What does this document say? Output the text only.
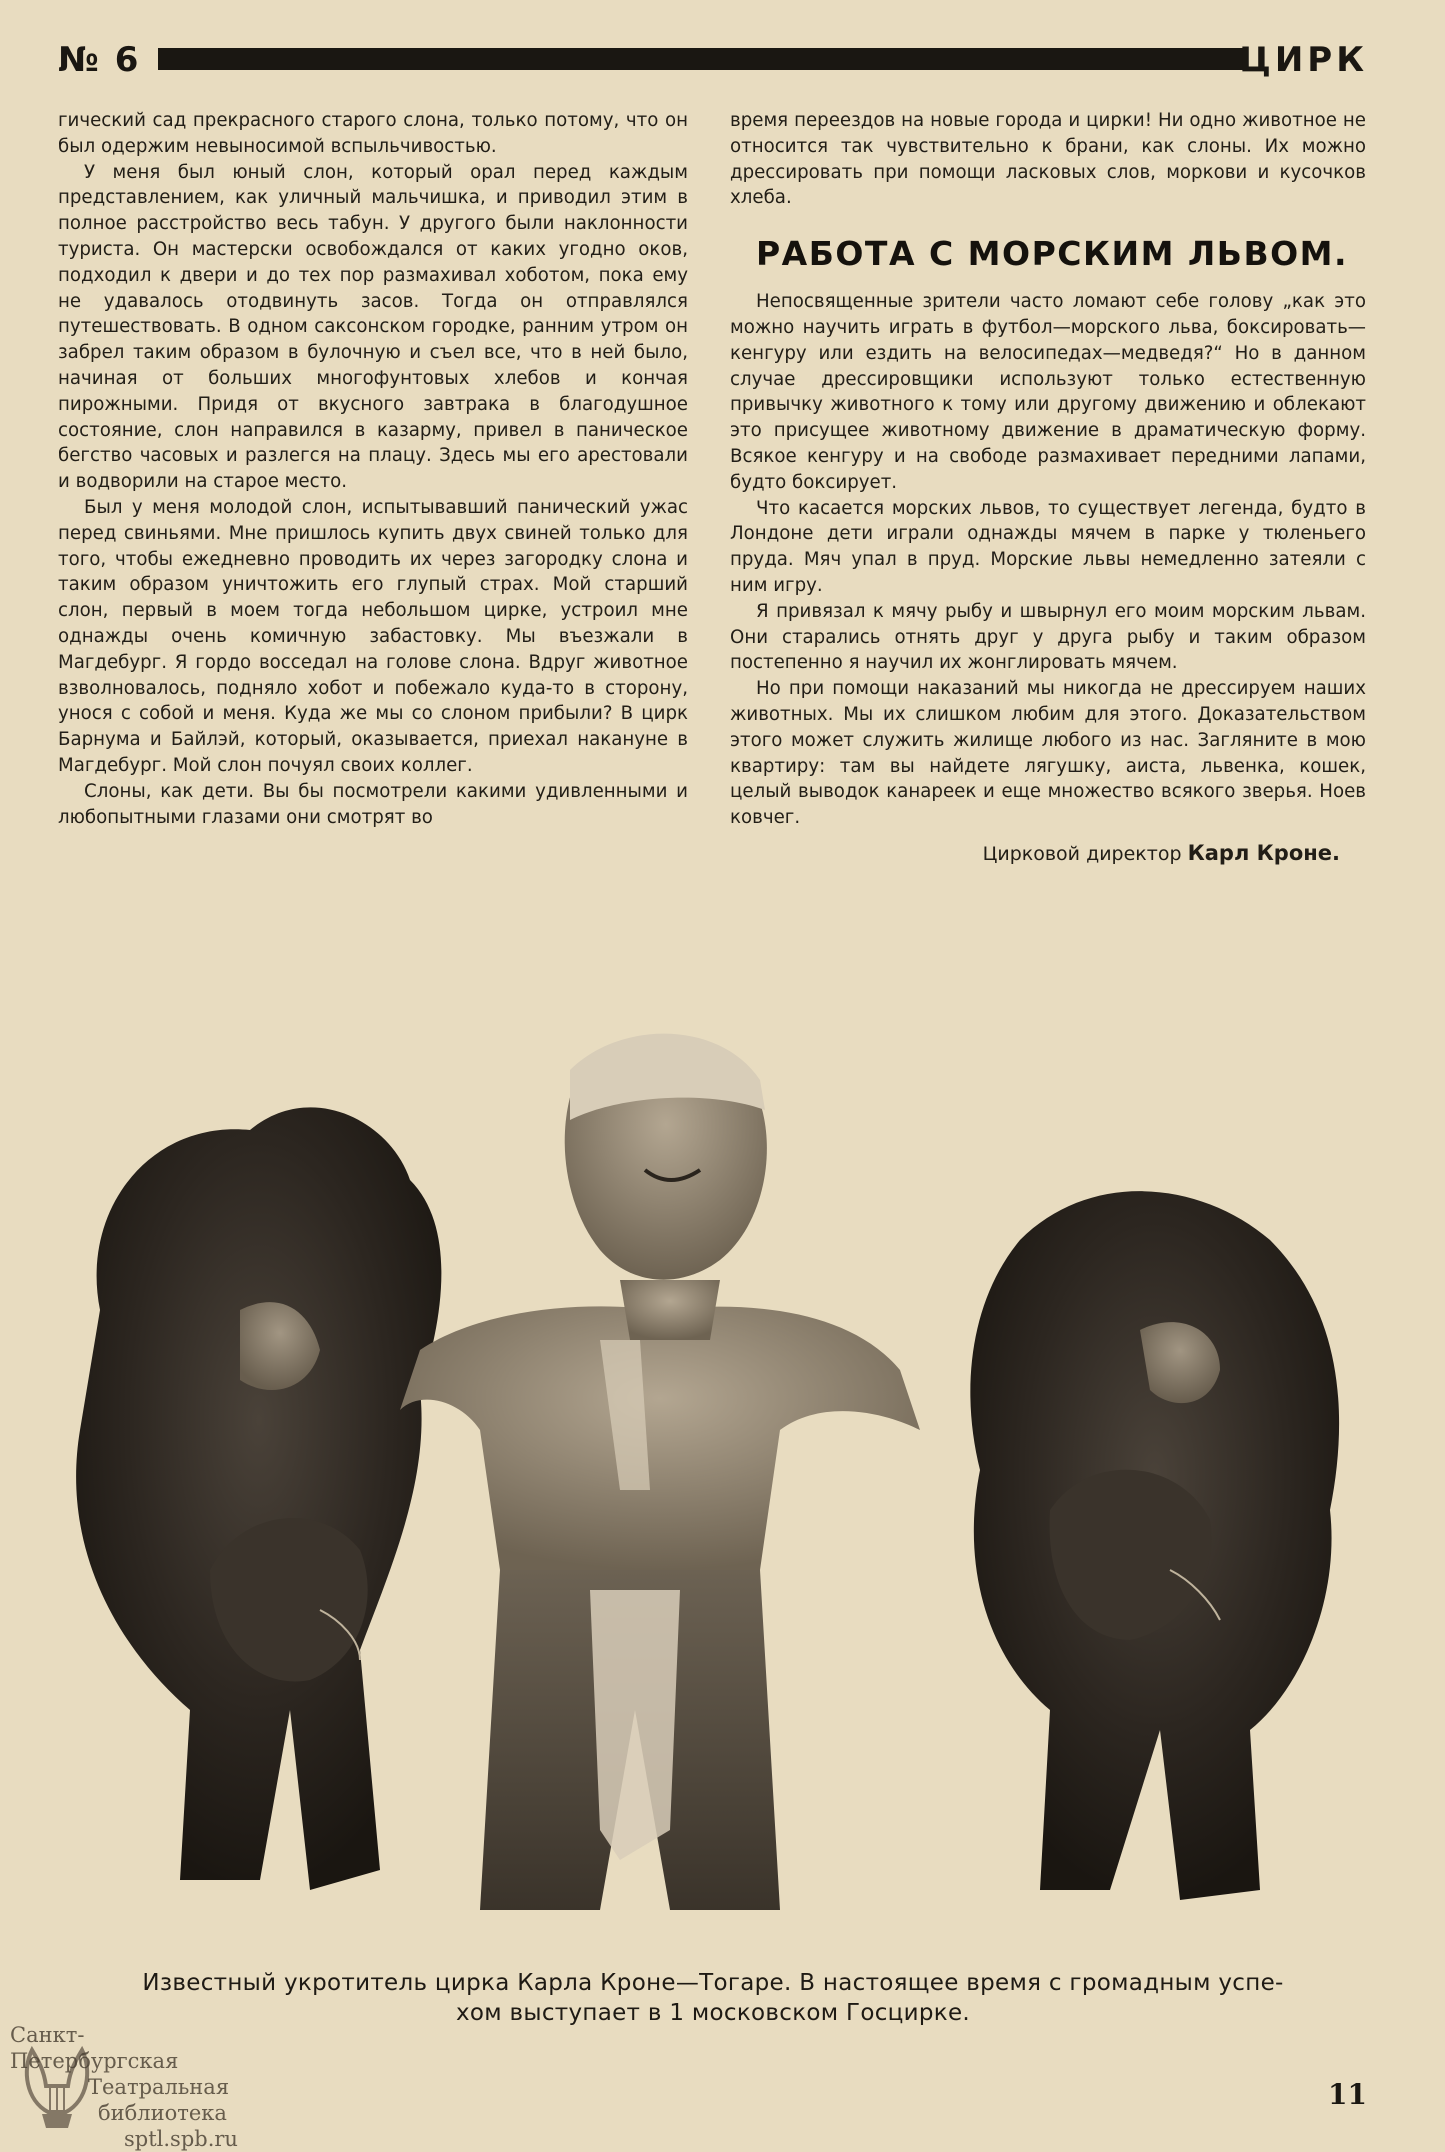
№ 6	ЦИРК

гический сад прекрасного старого слона, только потому, что он был одержим невыносимой вспыльчивостью.

У меня был юный слон, который орал перед каждым представлением, как уличный мальчишка, и приводил этим в полное расстройство весь табун. У другого были наклонности туриста. Он мастерски освобождался от каких угодно оков, подходил к двери и до тех пор размахивал хоботом, пока ему не удавалось отодвинуть засов. Тогда он отправлялся путешествовать. В одном саксонском городке, ранним утром он забрел таким образом в булочную и съел все, что в ней было, начиная от больших многофунтовых хлебов и кончая пирожными. Придя от вкусного завтрака в благодушное состояние, слон направился в казарму, привел в паническое бегство часовых и разлегся на плацу. Здесь мы его арестовали и водворили на старое место.

Был у меня молодой слон, испытывавший панический ужас перед свиньями. Мне пришлось купить двух свиней только для того, чтобы ежедневно проводить их через загородку слона и таким образом уничтожить его глупый страх. Мой старший слон, первый в моем тогда небольшом цирке, устроил мне однажды очень комичную забастовку. Мы въезжали в Магдебург. Я гордо восседал на голове слона. Вдруг животное взволновалось, подняло хобот и побежало куда-то в сторону, унося с собой и меня. Куда же мы со слоном прибыли? В цирк Барнума и Байлэй, который, оказывается, приехал накануне в Магдебург. Мой слон почуял своих коллег.

Слоны, как дети. Вы бы посмотрели какими удивленными и любопытными глазами они смотрят во

время переездов на новые города и цирки! Ни одно животное не относится так чувствительно к брани, как слоны. Их можно дрессировать при помощи ласковых слов, моркови и кусочков хлеба.

РАБОТА С МОРСКИМ ЛЬВОМ.

Непосвященные зрители часто ломают себе голову „как это можно научить играть в футбол—морского льва, боксировать—кенгуру или ездить на велосипедах—медведя?“ Но в данном случае дрессировщики используют только естественную привычку животного к тому или другому движению и облекают это присущее животному движение в драматическую форму. Всякое кенгуру и на свободе размахивает передними лапами, будто боксирует.

Что касается морских львов, то существует легенда, будто в Лондоне дети играли однажды мячем в парке у тюленьего пруда. Мяч упал в пруд. Морские львы немедленно затеяли с ним игру.

Я привязал к мячу рыбу и швырнул его моим морским львам. Они старались отнять друг у друга рыбу и таким образом постепенно я научил их жонглировать мячем.

Но при помощи наказаний мы никогда не дрессируем наших животных. Мы их слишком любим для этого. Доказательством этого может служить жилище любого из нас. Загляните в мою квартиру: там вы найдете лягушку, аиста, львенка, кошек, целый выводок канареек и еще множество всякого зверья. Ноев ковчег.

Цирковой директор Карл Кроне.
Известный укротитель цирка Карла Кроне—Тогаре. В настоящее время с громадным успе-
хом выступает в 1 московском Госцирке.
Санкт-Петербургская
Театральная
библиотека
sptl.spb.ru
11
